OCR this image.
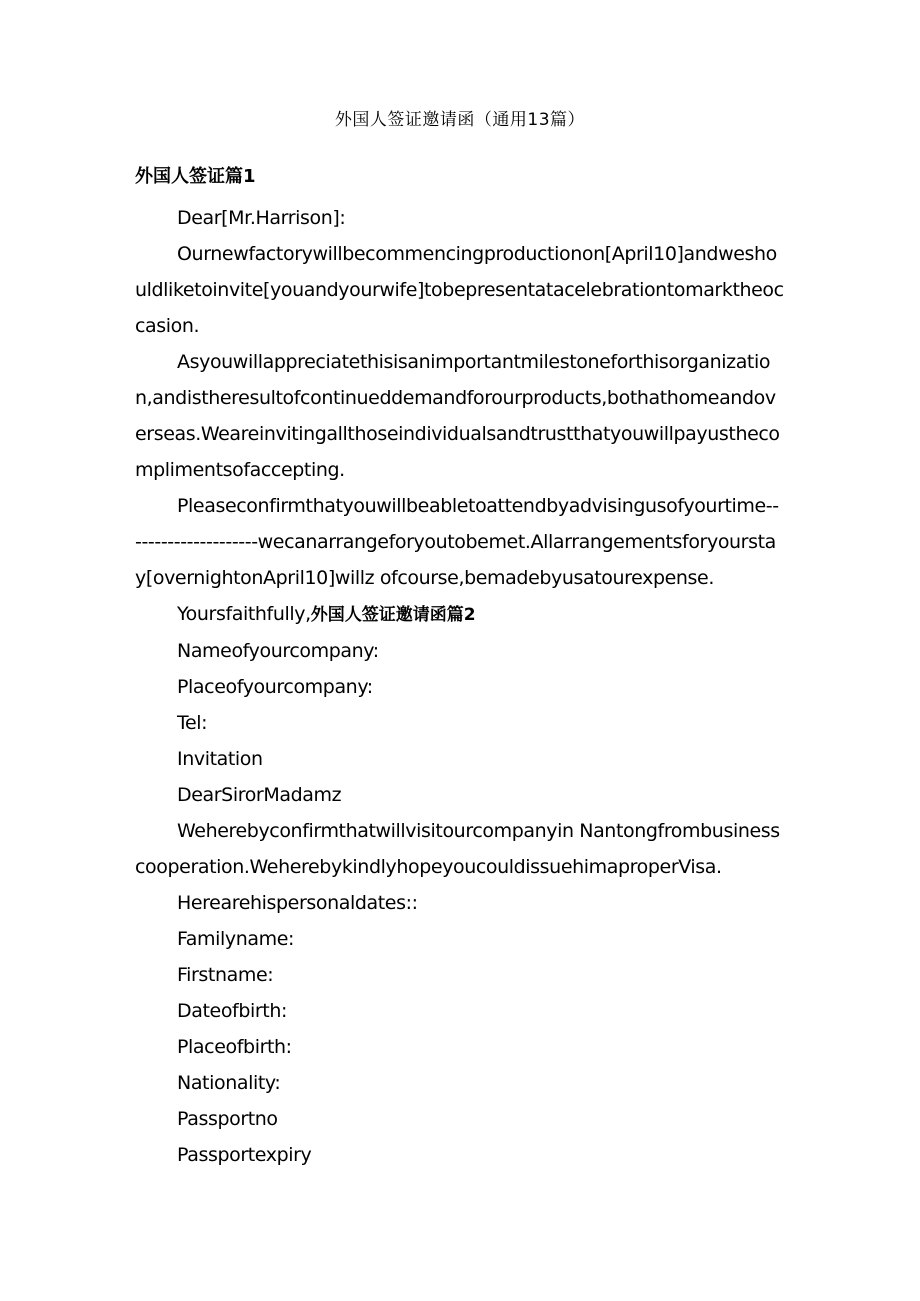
外国人签证邀请函（通用13篇）
外国人签证篇1

Dear[Mr.Harrison]:

Ournewfactorywillbecommencingproductionon[April10]andweshouldliketoinvite[youandyourwife]tobepresentatacelebrationtomarktheoccasion.

Asyouwillappreciatethisisanimportantmilestoneforthisorganization,andistheresultofcontinueddemandforourproducts,bothathomeandoverseas.Weareinvitingallthoseindividualsandtrustthatyouwillpayusthecomplimentsofaccepting.

Pleaseconfirmthatyouwillbeabletoattendbyadvisingusofyourtime---------------------wecanarrangeforyoutobemet.Allarrangementsforyourstay[overnightonApril10]willz ofcourse,bemadebyusatourexpense.

Yoursfaithfully,外国人签证邀请函篇2

Nameofyourcompany:

Placeofyourcompany:

Tel:

Invitation

DearSirorMadamz

Weherebyconfirmthatwillvisitourcompanyin Nantongfrombusinesscooperation.WeherebykindlyhopeyoucouldissuehimaproperVisa.

Herearehispersonaldates::

Familyname:

Firstname:

Dateofbirth:

Placeofbirth:

Nationality:

Passportno

Passportexpiry
